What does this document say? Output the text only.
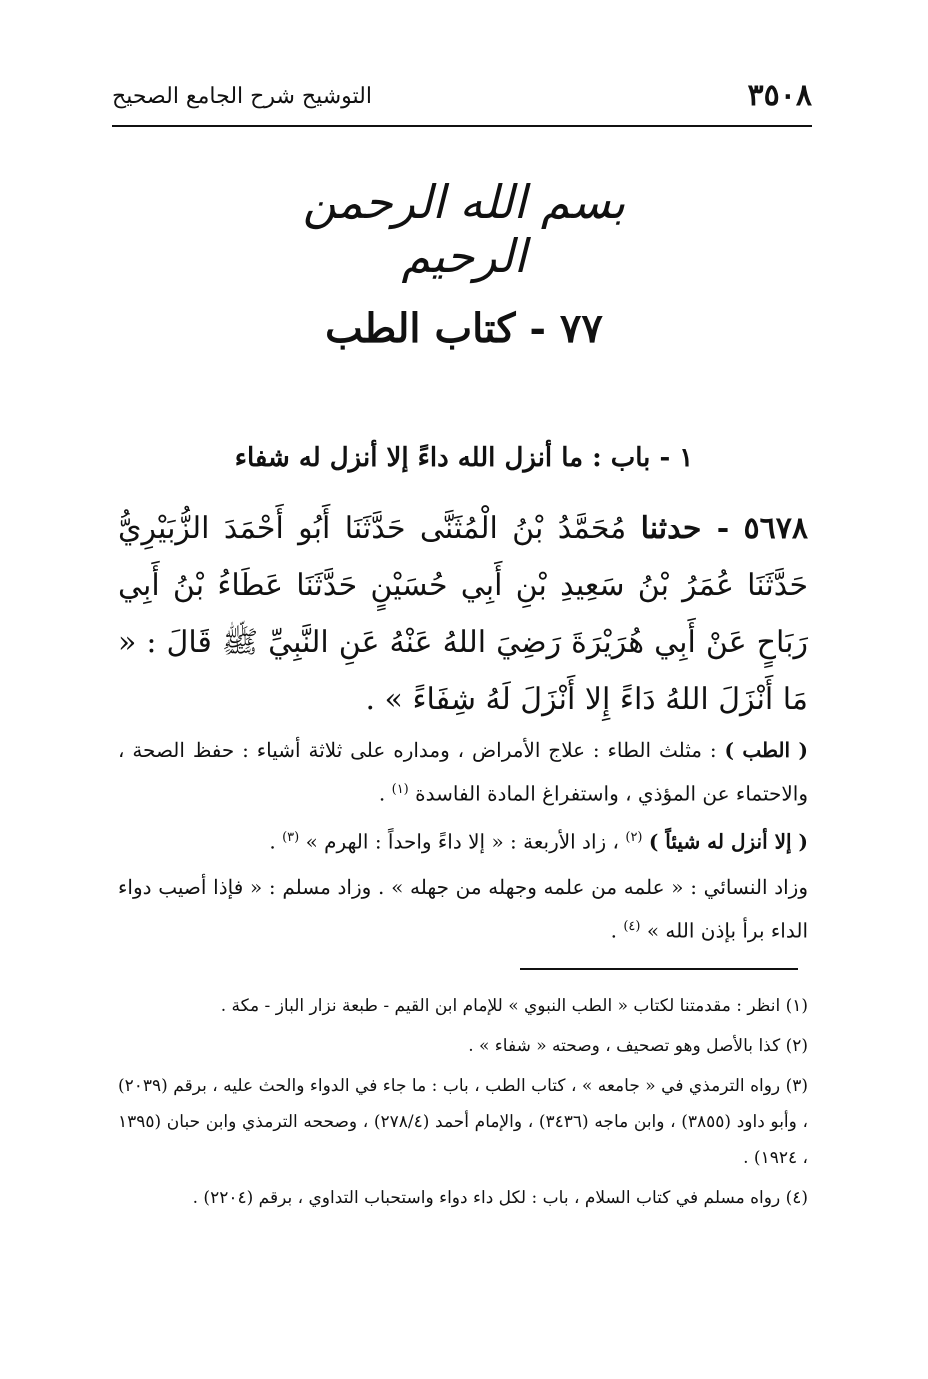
٣٥٠٨
التوشيح شرح الجامع الصحيح
بسم الله الرحمن الرحيم
٧٧ - كتاب الطب
١ - باب : ما أنزل الله داءً إلا أنزل له شفاء
٥٦٧٨ - حدثنا مُحَمَّدُ بْنُ الْمُثَنَّى حَدَّثَنَا أَبُو أَحْمَدَ الزُّبَيْرِيُّ حَدَّثَنَا عُمَرُ بْنُ سَعِيدِ بْنِ أَبِي حُسَيْنٍ حَدَّثَنَا عَطَاءُ بْنُ أَبِي رَبَاحٍ عَنْ أَبِي هُرَيْرَةَ رَضِيَ اللهُ عَنْهُ عَنِ النَّبِيِّ ﷺ قَالَ : « مَا أَنْزَلَ اللهُ دَاءً إِلا أَنْزَلَ لَهُ شِفَاءً » .
( الطب ) : مثلث الطاء : علاج الأمراض ، ومداره على ثلاثة أشياء : حفظ الصحة ، والاحتماء عن المؤذي ، واستفراغ المادة الفاسدة $^{(١)}$ .
( إلا أنزل له شيئاً ) $^{(٢)}$ ، زاد الأربعة : « إلا داءً واحداً : الهرم » $^{(٣)}$ .
وزاد النسائي : « علمه من علمه وجهله من جهله » . وزاد مسلم : « فإذا أصيب دواء الداء برأ بإذن الله » $^{(٤)}$ .
(١) انظر : مقدمتنا لكتاب « الطب النبوي » للإمام ابن القيم - طبعة نزار الباز - مكة .
(٢) كذا بالأصل وهو تصحيف ، وصحته « شفاء » .
(٣) رواه الترمذي في « جامعه » ، كتاب الطب ، باب : ما جاء في الدواء والحث عليه ، برقم (٢٠٣٩) ، وأبو داود (٣٨٥٥) ، وابن ماجه (٣٤٣٦) ، والإمام أحمد (٢٧٨/٤) ، وصححه الترمذي وابن حبان (١٣٩٥ ، ١٩٢٤) .
(٤) رواه مسلم في كتاب السلام ، باب : لكل داء دواء واستحباب التداوي ، برقم (٢٢٠٤) .
